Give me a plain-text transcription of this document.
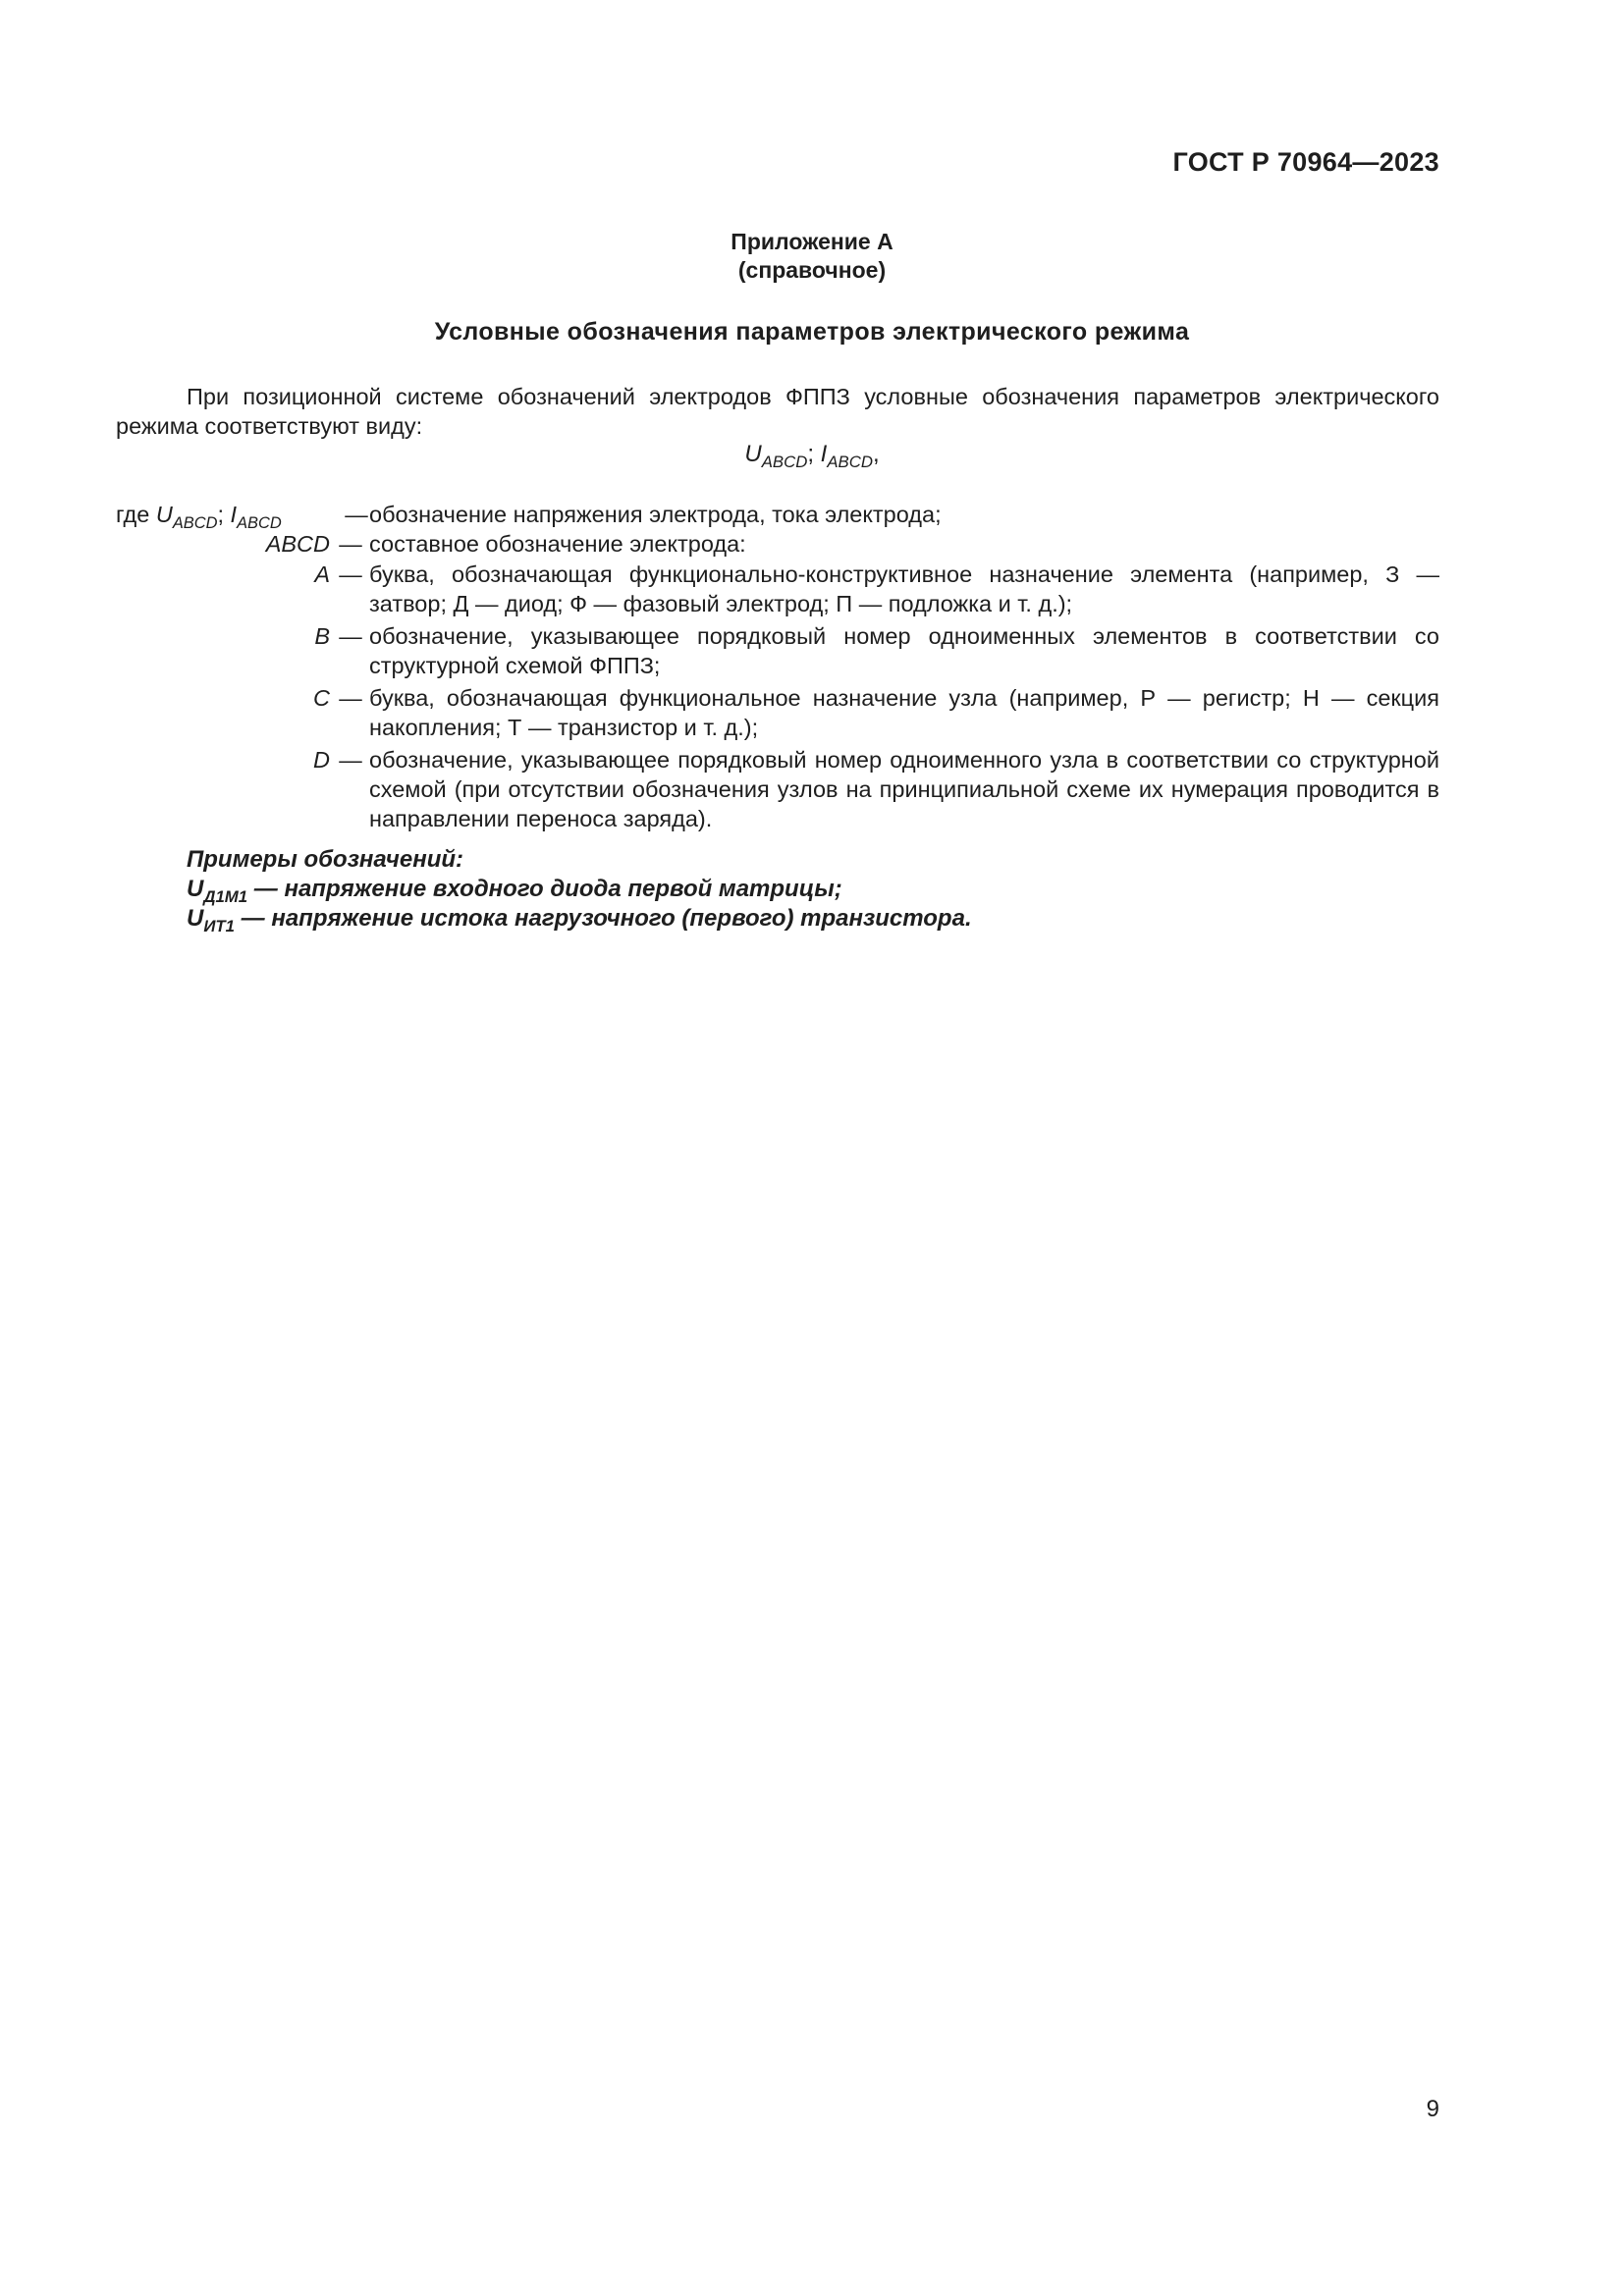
ГОСТ Р 70964—2023
Приложение А
(справочное)
Условные обозначения параметров электрического режима

При позиционной системе обозначений электродов ФППЗ условные обозначения параметров электрического режима соответствуют виду:

$U_{ABCD}$; $I_{ABCD}$,
где $U_{ABCD}$; $I_{ABCD}$	— обозначение напряжения электрода, тока электрода;
ABCD — составное обозначение электрода:
A — буква, обозначающая функционально-конструктивное назначение элемента (например, З — затвор; Д — диод; Ф — фазовый электрод; П — подложка и т. д.);
B — обозначение, указывающее порядковый номер одноименных элементов в соответствии со структурной схемой ФППЗ;
C — буква, обозначающая функциональное назначение узла (например, Р — регистр; Н — секция накопления; Т — транзистор и т. д.);
D — обозначение, указывающее порядковый номер одноименного узла в соответствии со структурной схемой (при отсутствии обозначения узлов на принципиальной схеме их нумерация проводится в направлении переноса заряда).
Примеры обозначений:
$U_{Д1М1}$ — напряжение входного диода первой матрицы;
$U_{ИТ1}$ — напряжение истока нагрузочного (первого) транзистора.
9
